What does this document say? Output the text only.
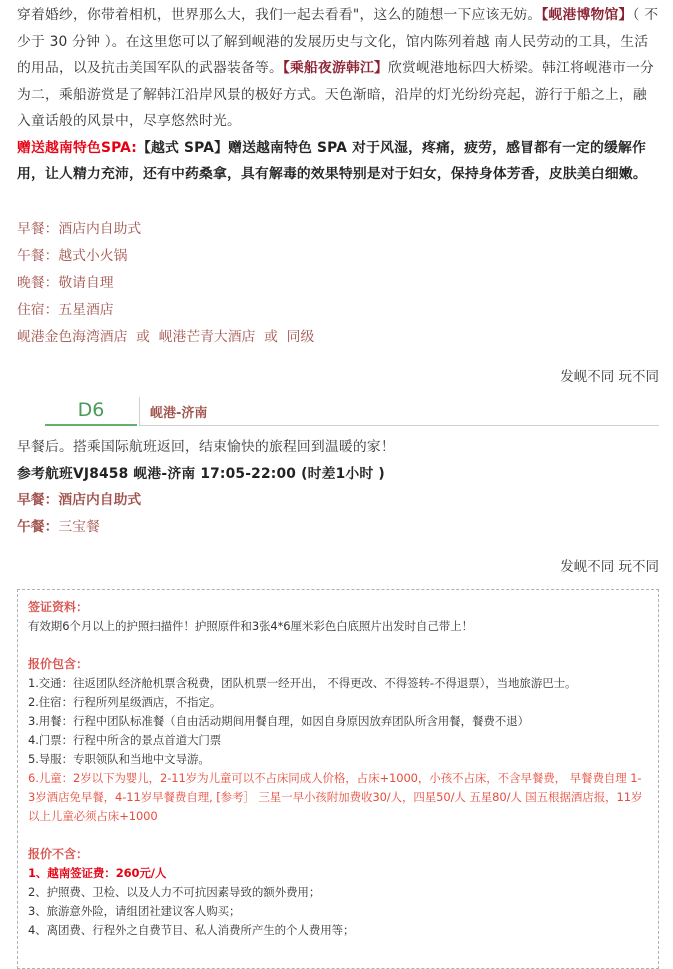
穿着婚纱，你带着相机，世界那么大，我们一起去看看"，这么的随想一下应该无妨。【岘港博物馆】（ 不 少于 30 分钟 ）。在这里您可以了解到岘港的发展历史与文化，馆内陈列着越 南人民劳动的工具，生活的用品，以及抗击美国军队的武器装备等。【乘船夜游韩江】欣赏岘港地标四大桥梁。韩江将岘港市一分为二，乘船游赏是了解韩江沿岸风景的极好方式。天色渐暗，沿岸的灯光纷纷亮起，游行于船之上，融入童话般的风景中，尽享悠然时光。

赠送越南特色SPA:【越式 SPA】赠送越南特色 SPA 对于风湿，疼痛，疲劳，感冒都有一定的缓解作用，让人精力充沛，还有中药桑拿，具有解毒的效果特别是对于妇女，保持身体芳香，皮肤美白细嫩。

早餐：酒店内自助式

午餐：越式小火锅

晚餐：敬请自理

住宿：五星酒店

岘港金色海湾酒店 或 岘港芒青大酒店 或 同级

发岘不同 玩不同
D6	岘港-济南

早餐后。搭乘国际航班返回，结束愉快的旅程回到温暖的家！

参考航班VJ8458 岘港-济南 17:05-22:00 (时差1小时 )

早餐：酒店内自助式

午餐：三宝餐

发岘不同 玩不同

签证资料：

有效期6个月以上的护照扫描件！护照原件和3张4*6厘米彩色白底照片出发时自己带上！

报价包含：

1.交通：往返团队经济舱机票含税费，团队机票一经开出， 不得更改、不得签转-不得退票），当地旅游巴士。

2.住宿：行程所列星级酒店，不指定。

3.用餐：行程中团队标准餐（自由活动期间用餐自理，如因自身原因放弃团队所含用餐，餐费不退）

4.门票：行程中所含的景点首道大门票

5.导服：专职领队和当地中文导游。

6.儿童：2岁以下为婴儿，2-11岁为儿童可以不占床同成人价格，占床+1000，小孩不占床，不含早餐费， 早餐费自理 1-3岁酒店免早餐，4-11岁早餐费自理, [参考］ 三星一早小孩附加费收30/人，四星50/人 五星80/人 国五根据酒店报，11岁以上儿童必须占床+1000

报价不含：

1、越南签证费：260元/人

2、护照费、卫检、以及人力不可抗因素导致的额外费用；

3、旅游意外险，请组团社建议客人购买；

4、离团费、行程外之自费节目、私人消费所产生的个人费用等；
